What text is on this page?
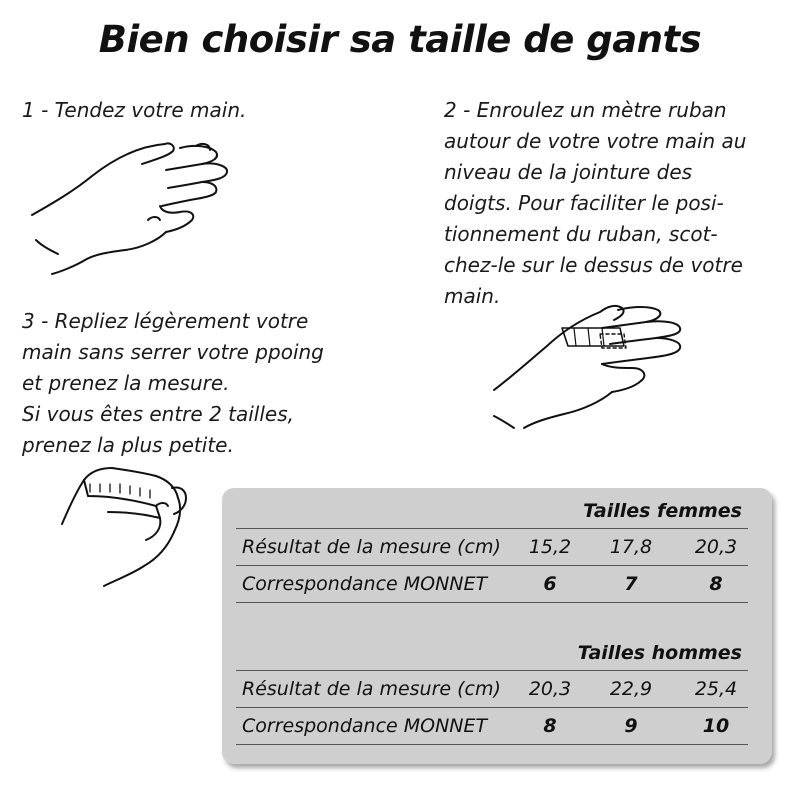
Bien choisir sa taille de gants
1 - Tendez votre main.	2 - Enroulez un mètre ruban
autour de votre votre main au
niveau de la jointure des
doigts. Pour faciliter le posi-
tionnement du ruban, scot-
chez-le sur le dessus de votre
main.
3 - Repliez légèrement votre
main sans serrer votre ppoing
et prenez la mesure.
Si vous êtes entre 2 tailles,
prenez la plus petite.
Tailles femmes
Résultat de la mesure (cm)	15,2	17,8	20,3
Correspondance MONNET	6	7	8
Tailles hommes
Résultat de la mesure (cm)	20,3	22,9	25,4
Correspondance MONNET	8	9	10
